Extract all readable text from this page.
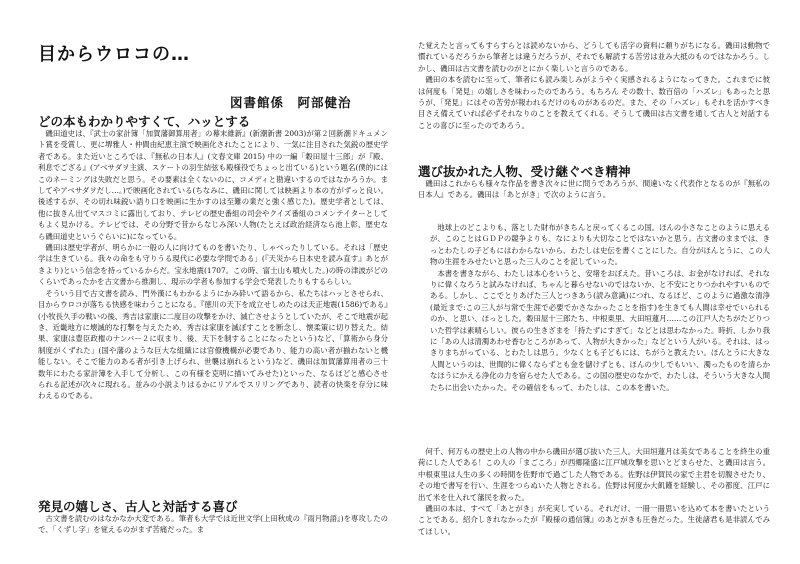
目からウロコの…
図書館係　阿部健治
どの本もわかりやすくて、ハッとする

磯田道史は、『武士の家計簿「加賀藩御算用者」の幕末維新』(新潮新書 2003)が第２回新潮ドキュメント賞を受賞し、更に堺雅人・仲間由紀恵主演で映画化されたことにより、一気に注目された気鋭の歴史学者である。また近いところでは、『無私の日本人』(文春文庫 2015) 中の一編「穀田屋十三郎」が『殿、利息でござる』(アベサダヲ主演、スケートの羽生結弦も殿様役でちょっと出ている)という題名(僕的にはこのネーミングは失敗だと思う。その要素は全くないのに、コメディと勘違いするのではなかろうか。ましてやアベサダヲだし…。)で映画化されている(ちなみに、磯田に関しては映画より本の方がずっと良い。後述するが、その切れ味鋭い語り口を映画に生かすのは至難の業だと強く感じた)。歴史学者としては、他に抜きん出てマスコミに露出しており、テレビの歴史番組の司会やクイズ番組のコメンテイターとしてもよく見かける。テレビでは、その分野で昔からなじみ深い人物(たとえば政治経済なら池上彰、歴史なら磯田道史というぐらいに)になっている。

磯田は歴史学者が、明らかに一般の人に向けてものを書いたり、しゃべったりしている。それは「歴史学は生きている。我々の命をも守りうる現代に必要な学問である」(『天災から日本史を読み直す』あとがきより)という信念を持っているからだ。宝永地震(1707。この時、富士山も噴火した。)の時の津波がどのくらいであったかを古文書から推測し、現示の学者も参加する学会で発表したりもするらしい。

そういう目で古文書を読み、門外漢にもわかるようにかみ砕いて語るから、私たちはハッとさせられ、目からウロコが落ちる快感を味わうことになる。『徳川の天下を成立せしめたのは天正地震(1586)である』(小牧長久手の戦いの後、秀吉は家康に二度目の攻撃をかけ、滅亡させようとしていたが、そこで地震が起き、近畿地方に壊滅的な打撃を与えたため、秀吉は家康を滅ぼすことを断念し、懐柔策に切り替えた。結果、家康は豊臣政権のナンバー２に収まり、後、天下を制することになったという)など、「算術から身分制度がくずれた」(国や藩のような巨大な組織には官僚機構が必要であり、能力の高い者が揃わないと機能しない。そこで能力のある者が引き上げられ、世襲は崩れるという)など、磯田は加賀藩算用者の三十数年にわたる家計簿を入手して分析し、この有様を克明に描いてみせた)といった、なるほどと感心させられる記述が次々に現れる。並みの小説よりはるかにリアルでスリリングであり、読者の快楽を存分に味わえるのである。

発見の嬉しさ、古人と対話する喜び

古文書を読むのはなかなか大変である。筆者も大学では近世文学(上田秋成の『雨月物語』)を専攻したので、「くずし字」を覚えるのがまず苦痛だった。ま

た覚えたと言ってもすらすらとは読めないから、どうしても活字の資料に頼りがちになる。磯田は動物で慣れているだろうから筆者とは違うだろうが、それでも解読する苦労は並み大抵のものではなかろう。しかし、磯田は古文書を読むのがとにかく楽しいと言うのである。

磯田の本を読むに至って、筆者にも読み楽しみがようやく実感されるようになってきた。これまでに彼は何度も「発見」の嬉しさを味わったのであろう。もちろん その数十、数百倍の「ハズレ」もあったと思うが、「発見」にはその苦労が報われるだけのものがあるのだ。また、その「ハズレ」もそれを活かすべき目さえ備えていれば必ずそれなりのことを教えてくれる。そうして磯田は古文書を通して古人と対話することの喜びに至ったのであろう。

選び抜かれた人物、受け継ぐべき精神

磯田はこれからも様々な作品を書き次々に世に問うであろうが、間違いなく代表作となるのが『無私の日本人』である。磯田は「あとがき」で次のように言う。

地球上のどこよりも、落とした財布がきちんと戻ってくるこの国。ほんの小さなことのように思えるが、このことはＧＤＰの競争よりも、なによりも大切なことではないかと思う。古文書のままでは、きっとわたしの子どもにはわからないから、わたしは史伝を書くことにした。自分がほんとうに、この人物の生涯をみせたいと思った三人のことを記していった。

本書を書きながら、わたしは本心をいうと、安堵をおぼえた。昔いころは、お金がなければ、それなりに偉くなろうと試みなければ、ちゃんと暮らせないのではないか、と不安にとりつかれやすいものである。しかし、ここでとりあげた三人とつきあう(読み意識)につれ、なるほど、このように過激な清浄(最近まで:この三人が与常で生涯で必要でかさなかったことを指す)を生きても人間は幸せでいられるのか、と思い、ほっとした。穀田屋十三郎たち、中根東里、大田垣蓮月……この江戸人たちがたどりついた哲学は素晴らしい。彼らの生きざまを「持たずにすぎて」などとは思わなかった。時折、しかり我に「あの人は清濁あわせ香むところがあって、人物が大きかった」などという人がいる。それは、はっきりまちがっている、とわたしは思う。少なくとも子どもには、ちがうと教えたい。ほんとうに大きな人間というのは、世間的に偉くならずとも金を儲けずとも、ほんの少しでもいい、濁ったものを清らかなほうにかえる浄化の力を宿らせた人である。この国の歴史のなかで、わたしは、そういう大きな人間たちに出会いたかった。その確信をもって、わたしは、この本を書いた。

何千、何万もの歴史上の人物の中から磯田が選び抜いた三人。大田垣蓮月は美女であることを終生の重荷にした人である！この人の「まごころ」が西郷隆盛に江戸城攻撃を思いとどまらせた、と磯田は言う。中根東里は人生の多くの時間を佐野市で過ごした人物である。佐野は伊賀民の家で主君を切腹させたり、その地で書写を行い、生涯をつらぬいた人物とされる。佐野は何度か大飢饉を経験し、その都度、江戸に出て米を仕入れて藩民を救った。

磯田の本は、すべて「あとがき」が充実している。それだけ、一冊一冊思いを込めて本を書いたということである。紹介しきれなかったが『殿様の通信簿』のあとがきも圧巻だった。生徒諸君も是非読んでみてほしい。
